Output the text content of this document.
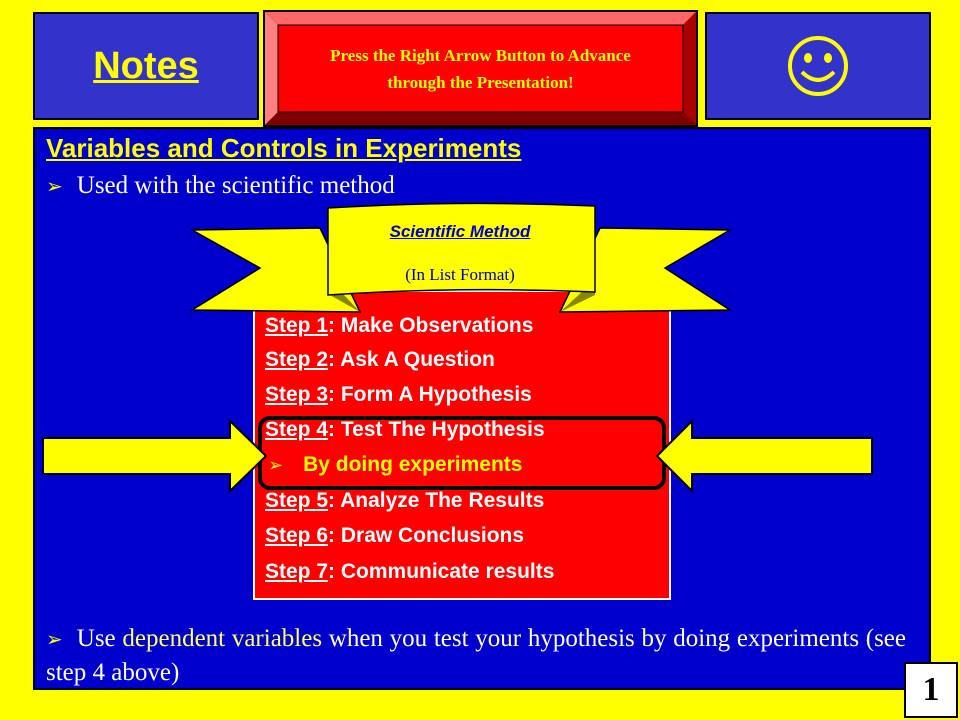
Notes	Press the Right Arrow Button to Advance through the Presentation!
Variables and Controls in Experiments
➢ Used with the scientific method
Step 1: Make Observations
Step 2: Ask A Question
Step 3: Form A Hypothesis
Step 4: Test The Hypothesis
➢ By doing experiments
Step 5: Analyze The Results
Step 6: Draw Conclusions
Step 7: Communicate results
Scientific Method
(In List Format)
➢ Use dependent variables when you test your hypothesis by doing experiments (see step 4 above)	1
